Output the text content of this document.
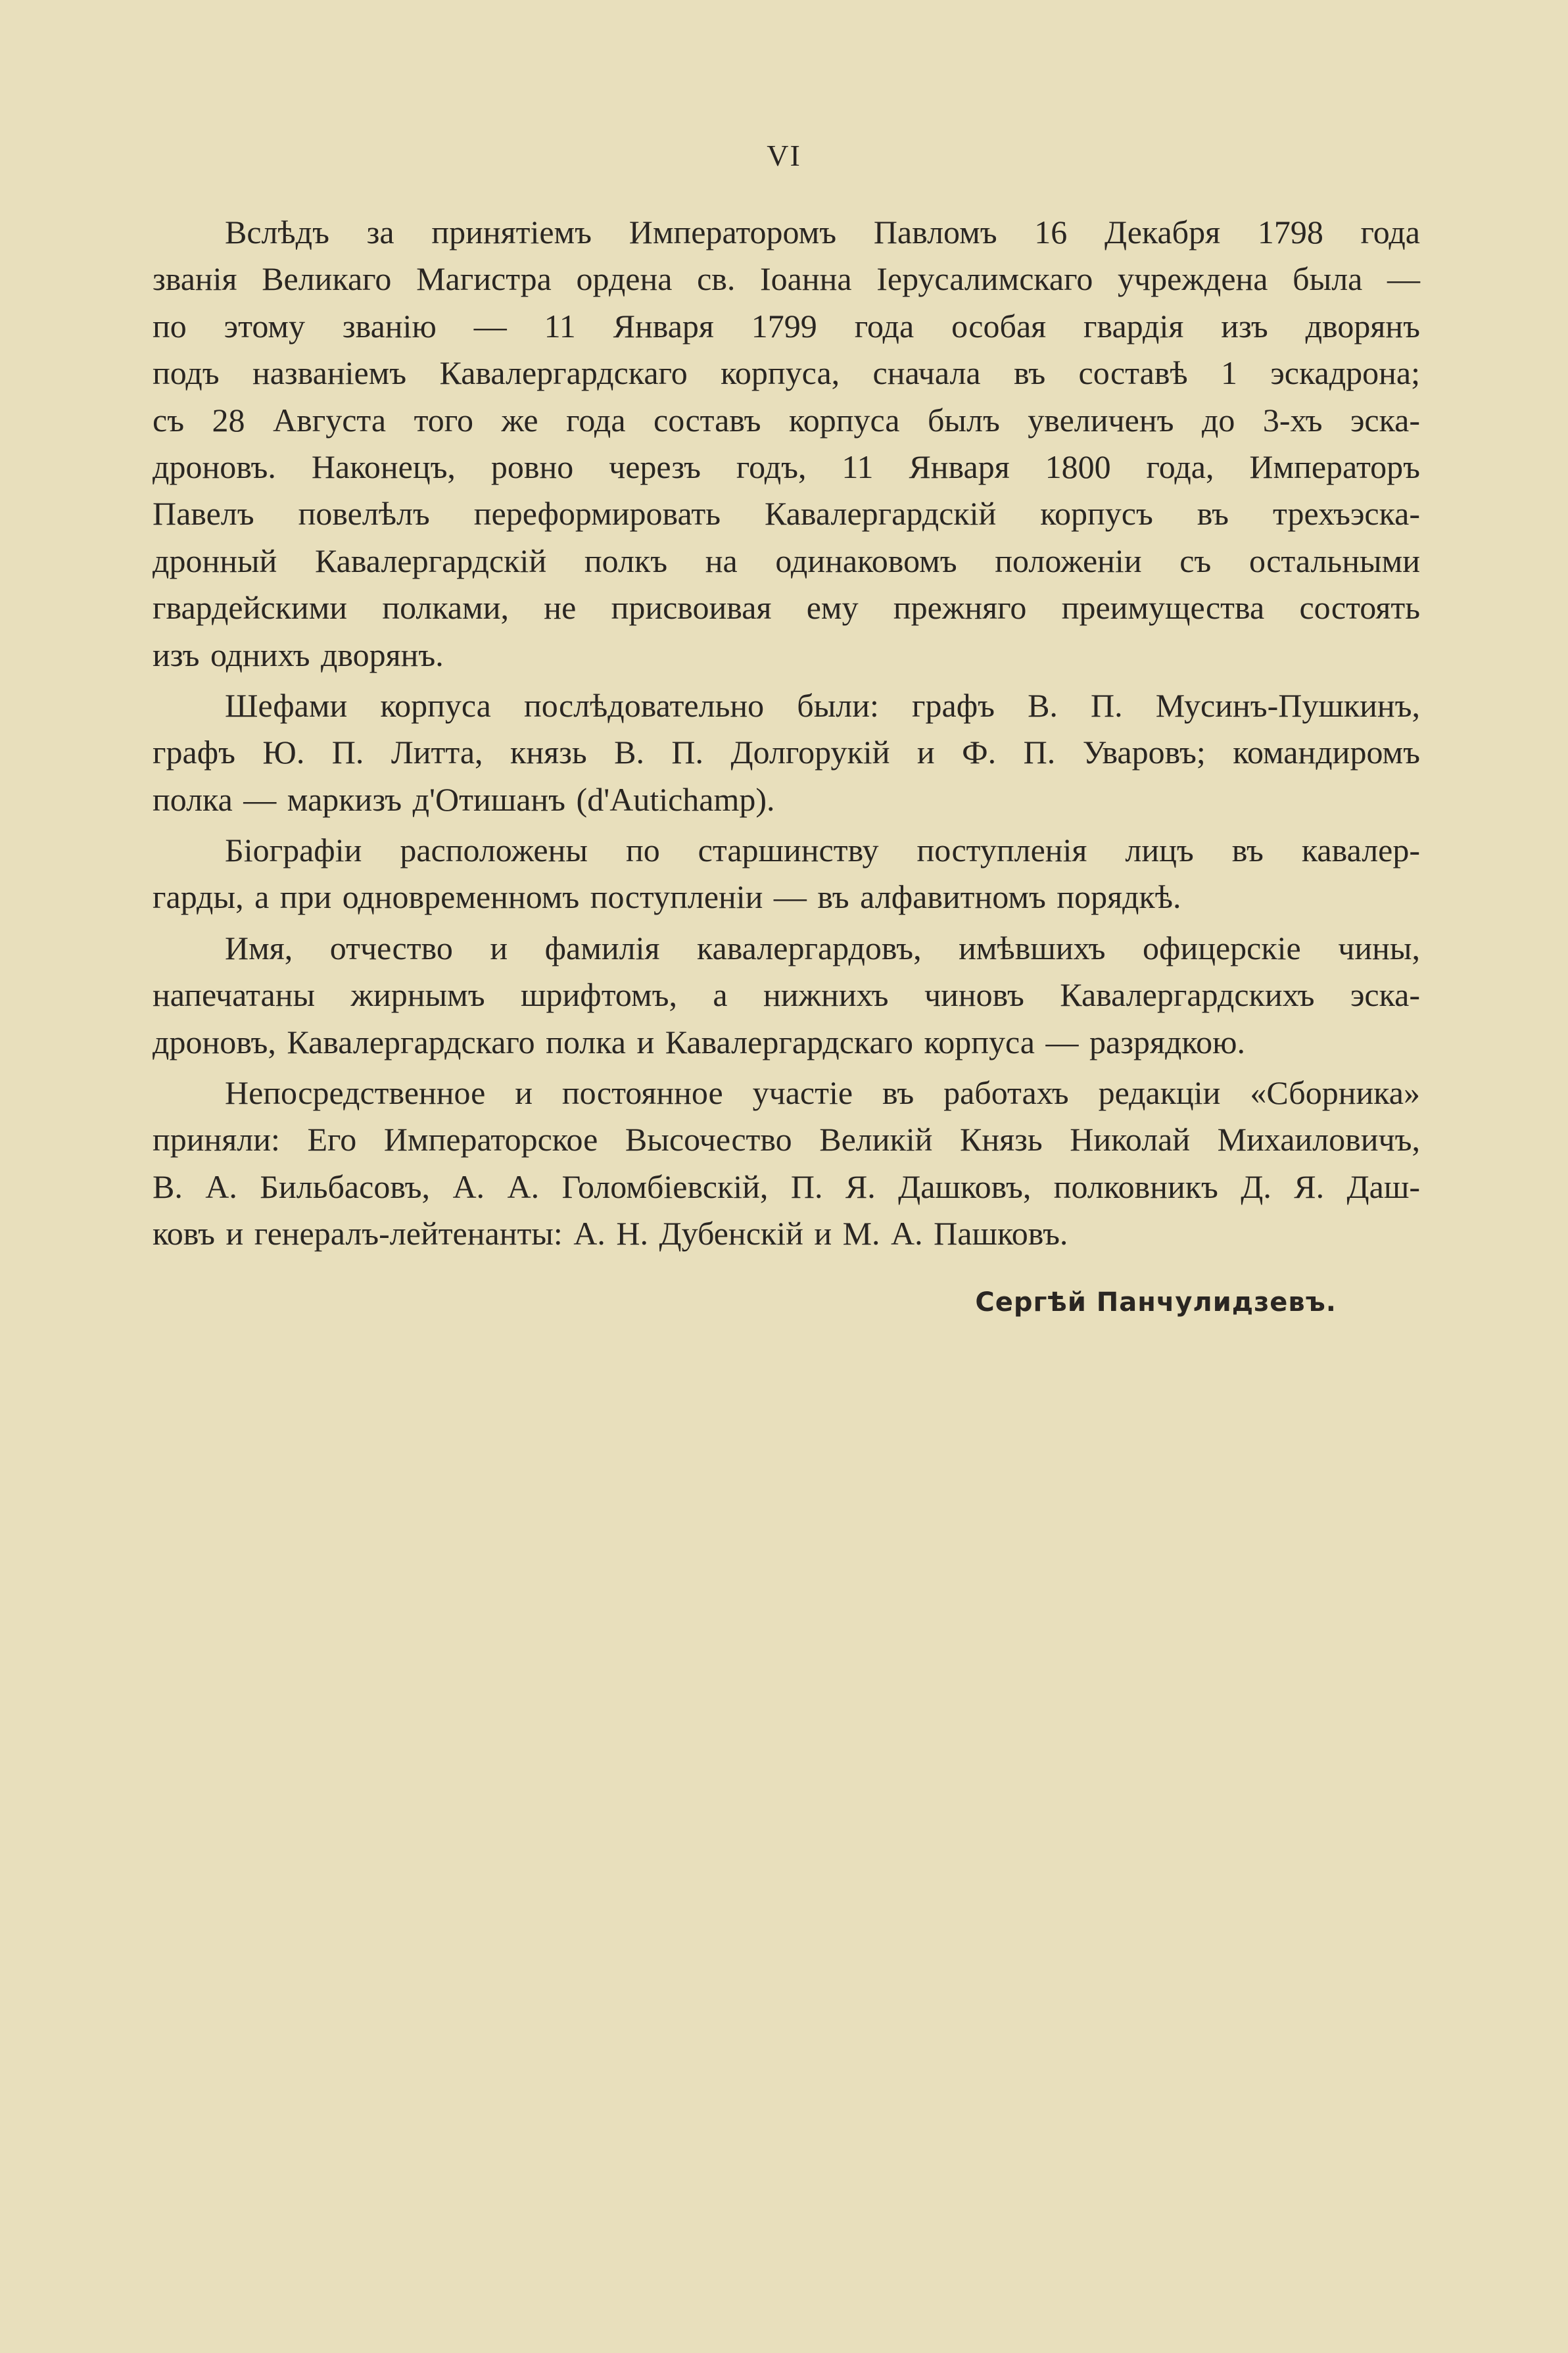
VI
Вслѣдъ за принятіемъ Императоромъ Павломъ 16 Декабря 1798 года
званія Великаго Магистра ордена св. Іоанна Іерусалимскаго учреждена была —
по этому званію — 11 Января 1799 года особая гвардія изъ дворянъ
подъ названіемъ Кавалергардскаго корпуса, сначала въ составѣ 1 эскадрона;
съ 28 Августа того же года составъ корпуса былъ увеличенъ до 3-хъ эска-
дроновъ. Наконецъ, ровно черезъ годъ, 11 Января 1800 года, Императоръ
Павелъ повелѣлъ переформировать Кавалергардскій корпусъ въ трехъэска-
дронный Кавалергардскій полкъ на одинаковомъ положеніи съ остальными
гвардейскими полками, не присвоивая ему прежняго преимущества состоять
изъ однихъ дворянъ.
Шефами корпуса послѣдовательно были: графъ В. П. Мусинъ-Пушкинъ,
графъ Ю. П. Литта, князь В. П. Долгорукій и Ф. П. Уваровъ; командиромъ
полка — маркизъ д'Отишанъ (d'Autichamp).
Біографіи расположены по старшинству поступленія лицъ въ кавалер-
гарды, а при одновременномъ поступленіи — въ алфавитномъ порядкѣ.
Имя, отчество и фамилія кавалергардовъ, имѣвшихъ офицерскіе чины,
напечатаны жирнымъ шрифтомъ, а нижнихъ чиновъ Кавалергардскихъ эска-
дроновъ, Кавалергардскаго полка и Кавалергардскаго корпуса — разрядкою.
Непосредственное и постоянное участіе въ работахъ редакціи «Сборника»
приняли: Его Императорское Высочество Великій Князь Николай Михаиловичъ,
В. А. Бильбасовъ, А. А. Голомбіевскій, П. Я. Дашковъ, полковникъ Д. Я. Даш-
ковъ и генералъ-лейтенанты: А. Н. Дубенскій и М. А. Пашковъ.
Сергѣй Панчулидзевъ.
